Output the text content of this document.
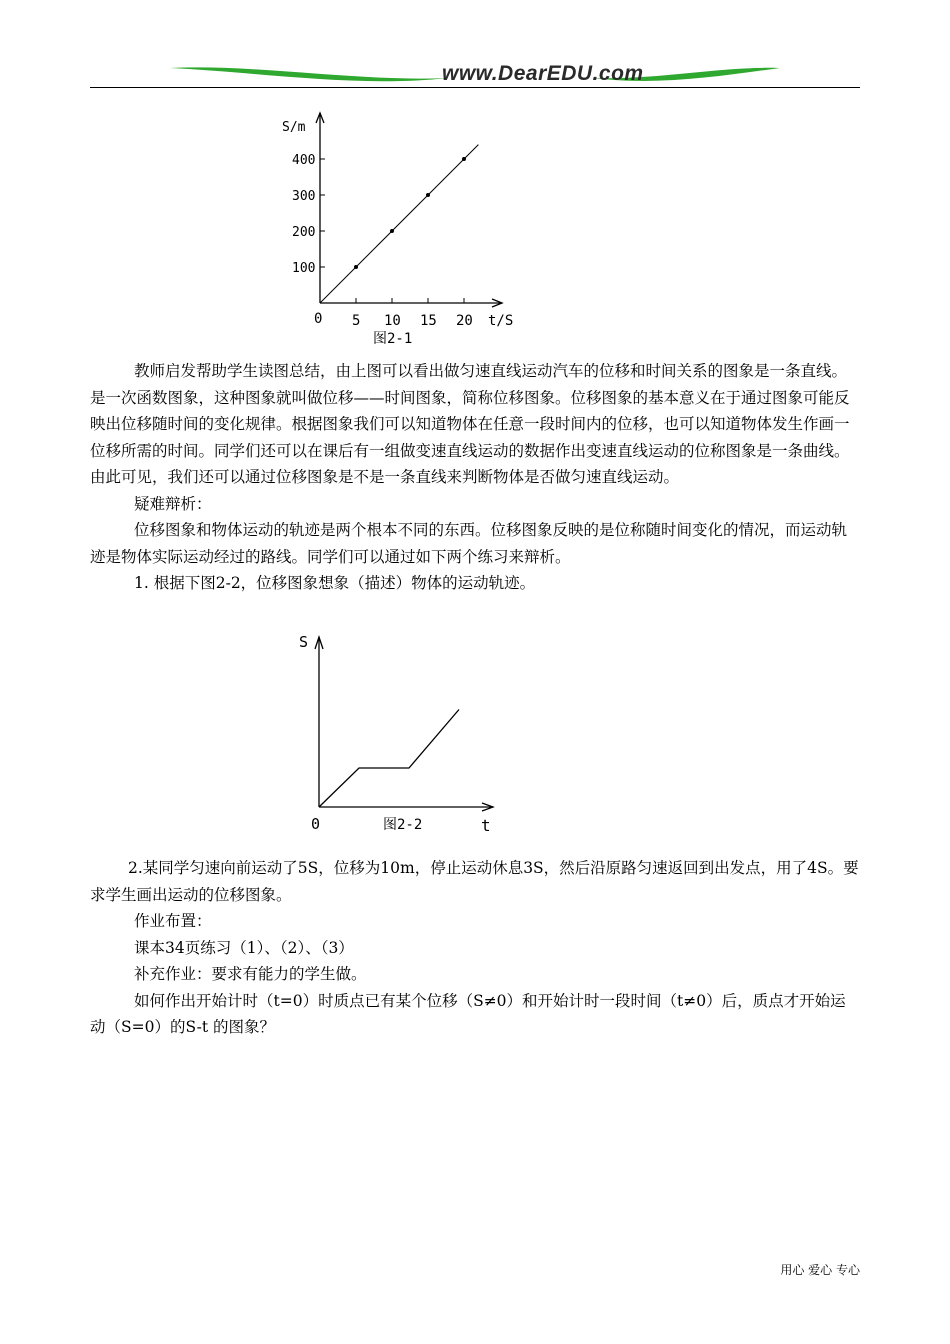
www.DearEDU.com
S/m
t/S
0
100
200
300
400
5 10 15 20
图2-1

教师启发帮助学生读图总结，由上图可以看出做匀速直线运动汽车的位移和时间关系的图象是一条直线。是一次函数图象，这种图象就叫做位移——时间图象，简称位移图象。位移图象的基本意义在于通过图象可能反映出位移随时间的变化规律。根据图象我们可以知道物体在任意一段时间内的位移，也可以知道物体发生作画一位移所需的时间。同学们还可以在课后有一组做变速直线运动的数据作出变速直线运动的位称图象是一条曲线。由此可见，我们还可以通过位移图象是不是一条直线来判断物体是否做匀速直线运动。

疑难辩析：

位移图象和物体运动的轨迹是两个根本不同的东西。位移图象反映的是位称随时间变化的情况，而运动轨迹是物体实际运动经过的路线。同学们可以通过如下两个练习来辩析。

1. 根据下图2-2，位移图象想象（描述）物体的运动轨迹。

S
t
0	图2-2

2.某同学匀速向前运动了5S，位移为10m，停止运动休息3S，然后沿原路匀速返回到出发点，用了4S。要求学生画出运动的位移图象。

作业布置：

课本34页练习（1）、（2）、（3）

补充作业：要求有能力的学生做。

如何作出开始计时（t=0）时质点已有某个位移（S≠0）和开始计时一段时间（t≠0）后，质点才开始运动（S=0）的S-t 的图象？

用心 爱心 专心
